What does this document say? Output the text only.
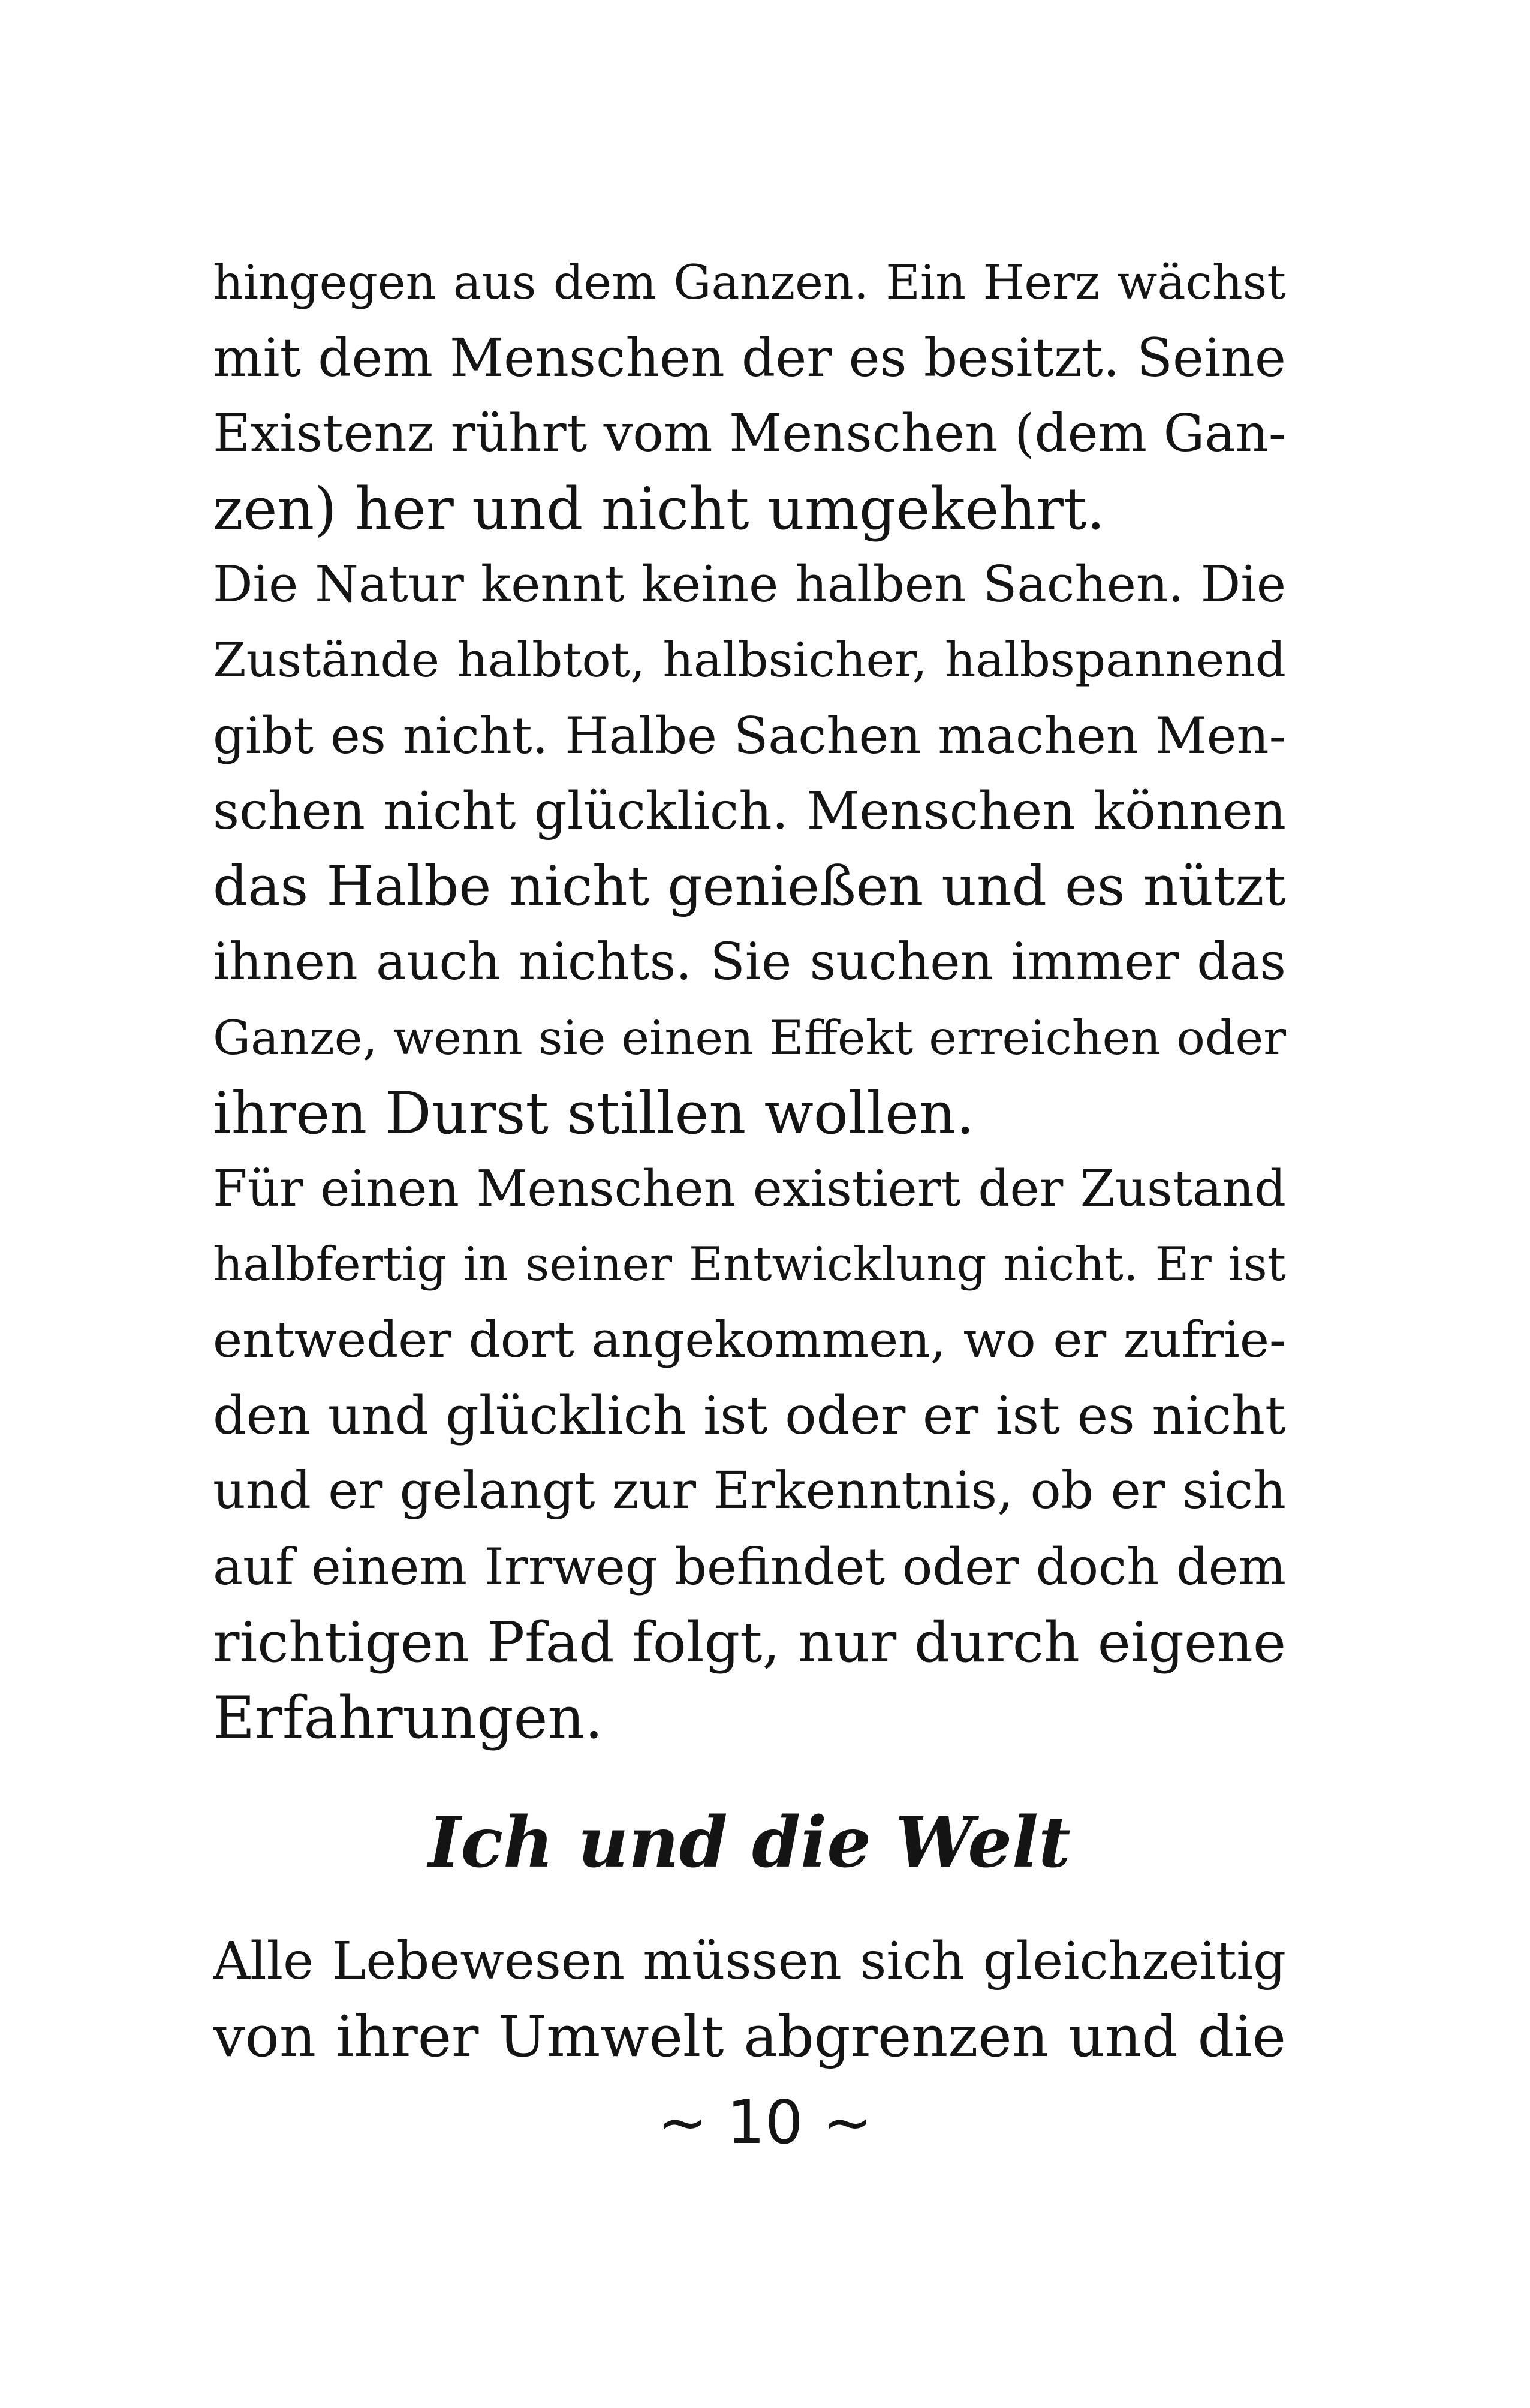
hingegen aus dem Ganzen. Ein Herz wächst
mit dem Menschen der es besitzt. Seine
Existenz rührt vom Menschen (dem Gan-
zen) her und nicht umgekehrt.
Die Natur kennt keine halben Sachen. Die
Zustände halbtot, halbsicher, halbspannend
gibt es nicht. Halbe Sachen machen Men-
schen nicht glücklich. Menschen können
das Halbe nicht genießen und es nützt
ihnen auch nichts. Sie suchen immer das
Ganze, wenn sie einen Effekt erreichen oder
ihren Durst stillen wollen.
Für einen Menschen existiert der Zustand
halbfertig in seiner Entwicklung nicht. Er ist
entweder dort angekommen, wo er zufrie-
den und glücklich ist oder er ist es nicht
und er gelangt zur Erkenntnis, ob er sich
auf einem Irrweg befindet oder doch dem
richtigen Pfad folgt, nur durch eigene
Erfahrungen.
Ich und die Welt
Alle Lebewesen müssen sich gleichzeitig
von ihrer Umwelt abgrenzen und die
~ 10 ~
